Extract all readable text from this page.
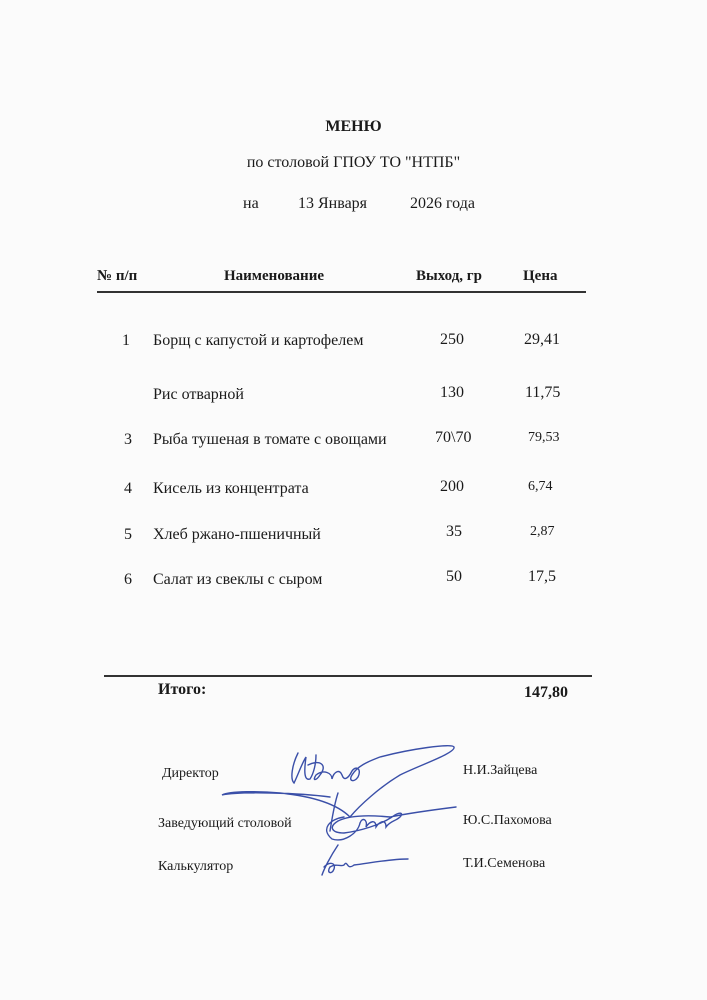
МЕНЮ
по столовой ГПОУ ТО "НТПБ"
на 13 Января	2026 года
№ п/п	Наименование	Выход, гр	Цена
1 Борщ с капустой и картофелем	250	29,41
Рис отварной	130	11,75
3 Рыба тушеная в томате с овощами	70\70	79,53
4 Кисель из концентрата	200	6,74
5 Хлеб ржано-пшеничный	35	2,87
6 Салат из свеклы с сыром	50	17,5
Итого:	147,80
Директор	Н.И.Зайцева
Заведующий столовой	Ю.С.Пахомова
Калькулятор	Т.И.Семенова
